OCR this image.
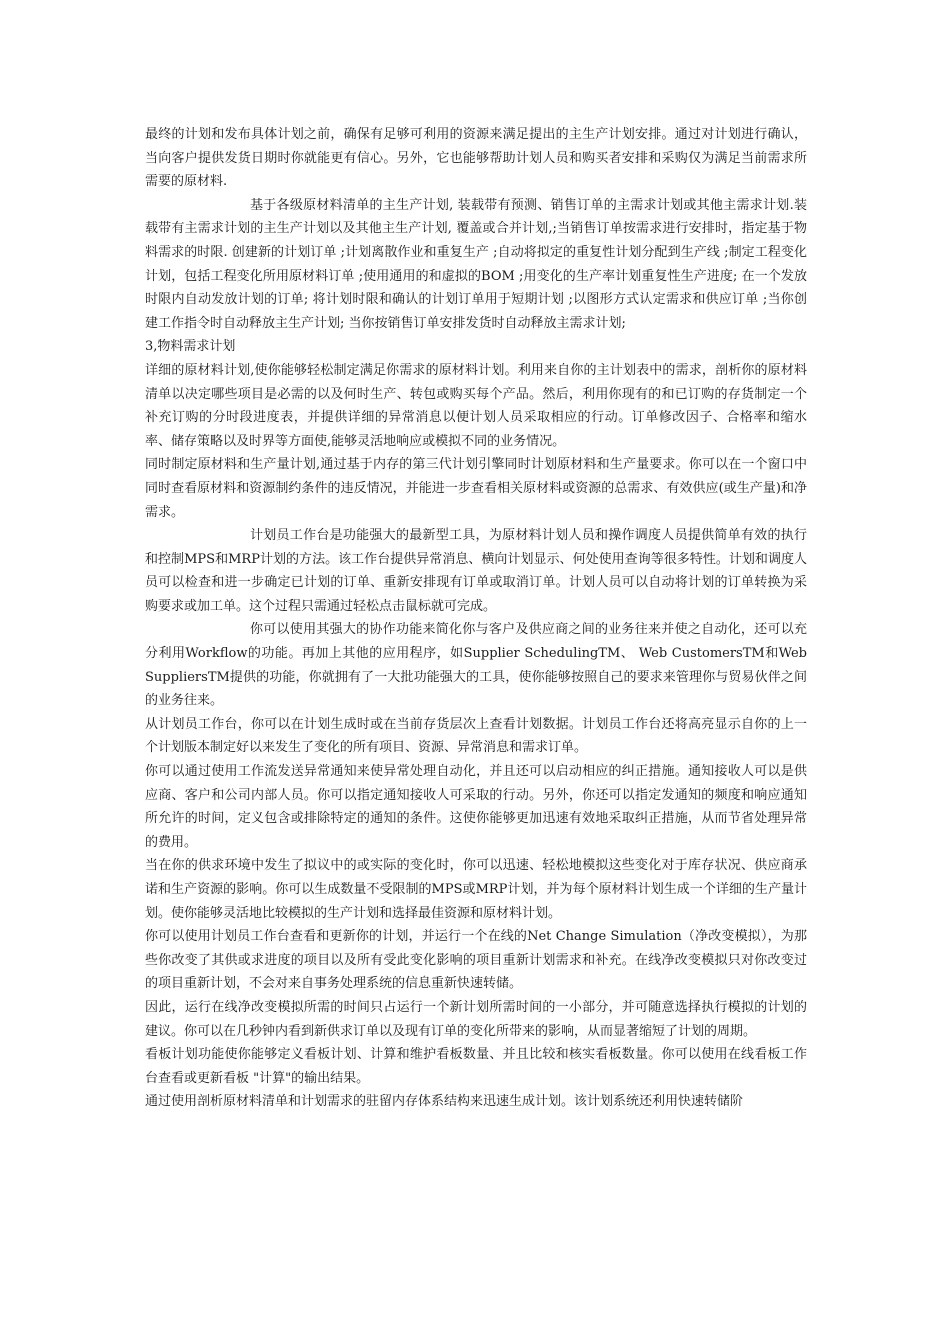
最终的计划和发布具体计划之前，确保有足够可利用的资源来满足提出的主生产计划安排。通过对计划进行确认，当向客户提供发货日期时你就能更有信心。另外，它也能够帮助计划人员和购买者安排和采购仅为满足当前需求所需要的原材料.

基于各级原材料清单的主生产计划, 装载带有预测、销售订单的主需求计划或其他主需求计划.装载带有主需求计划的主生产计划以及其他主生产计划, 覆盖或合并计划,;当销售订单按需求进行安排时，指定基于物料需求的时限. 创建新的计划订单 ;计划离散作业和重复生产 ;自动将拟定的重复性计划分配到生产线 ;制定工程变化计划，包括工程变化所用原材料订单 ;使用通用的和虚拟的BOM ;用变化的生产率计划重复性生产进度; 在一个发放时限内自动发放计划的订单; 将计划时限和确认的计划订单用于短期计划 ;以图形方式认定需求和供应订单 ;当你创建工作指令时自动释放主生产计划; 当你按销售订单安排发货时自动释放主需求计划;

3,物料需求计划

详细的原材料计划,使你能够轻松制定满足你需求的原材料计划。利用来自你的主计划表中的需求，剖析你的原材料清单以决定哪些项目是必需的以及何时生产、转包或购买每个产品。然后，利用你现有的和已订购的存货制定一个补充订购的分时段进度表，并提供详细的异常消息以便计划人员采取相应的行动。订单修改因子、合格率和缩水率、储存策略以及时界等方面使,能够灵活地响应或模拟不同的业务情况。

同时制定原材料和生产量计划,通过基于内存的第三代计划引擎同时计划原材料和生产量要求。你可以在一个窗口中同时查看原材料和资源制约条件的违反情况，并能进一步查看相关原材料或资源的总需求、有效供应(或生产量)和净需求。

计划员工作台是功能强大的最新型工具，为原材料计划人员和操作调度人员提供简单有效的执行和控制MPS和MRP计划的方法。该工作台提供异常消息、横向计划显示、何处使用查询等很多特性。计划和调度人员可以检查和进一步确定已计划的订单、重新安排现有订单或取消订单。计划人员可以自动将计划的订单转换为采购要求或加工单。这个过程只需通过轻松点击鼠标就可完成。

你可以使用其强大的协作功能来简化你与客户及供应商之间的业务往来并使之自动化，还可以充分利用Workflow的功能。再加上其他的应用程序，如Supplier SchedulingTM、 Web CustomersTM和Web SuppliersTM提供的功能，你就拥有了一大批功能强大的工具，使你能够按照自己的要求来管理你与贸易伙伴之间的业务往来。

从计划员工作台，你可以在计划生成时或在当前存货层次上查看计划数据。计划员工作台还将高亮显示自你的上一个计划版本制定好以来发生了变化的所有项目、资源、异常消息和需求订单。

你可以通过使用工作流发送异常通知来使异常处理自动化，并且还可以启动相应的纠正措施。通知接收人可以是供应商、客户和公司内部人员。你可以指定通知接收人可采取的行动。另外，你还可以指定发通知的频度和响应通知所允许的时间，定义包含或排除特定的通知的条件。这使你能够更加迅速有效地采取纠正措施，从而节省处理异常的费用。

当在你的供求环境中发生了拟议中的或实际的变化时，你可以迅速、轻松地模拟这些变化对于库存状况、供应商承诺和生产资源的影响。你可以生成数量不受限制的MPS或MRP计划，并为每个原材料计划生成一个详细的生产量计划。使你能够灵活地比较模拟的生产计划和选择最佳资源和原材料计划。

你可以使用计划员工作台查看和更新你的计划，并运行一个在线的Net Change Simulation（净改变模拟），为那些你改变了其供或求进度的项目以及所有受此变化影响的项目重新计划需求和补充。在线净改变模拟只对你改变过的项目重新计划，不会对来自事务处理系统的信息重新快速转储。

因此，运行在线净改变模拟所需的时间只占运行一个新计划所需时间的一小部分，并可随意选择执行模拟的计划的建议。你可以在几秒钟内看到新供求订单以及现有订单的变化所带来的影响，从而显著缩短了计划的周期。

看板计划功能使你能够定义看板计划、计算和维护看板数量、并且比较和核实看板数量。你可以使用在线看板工作台查看或更新看板 "计算"的输出结果。

通过使用剖析原材料清单和计划需求的驻留内存体系结构来迅速生成计划。该计划系统还利用快速转储阶
